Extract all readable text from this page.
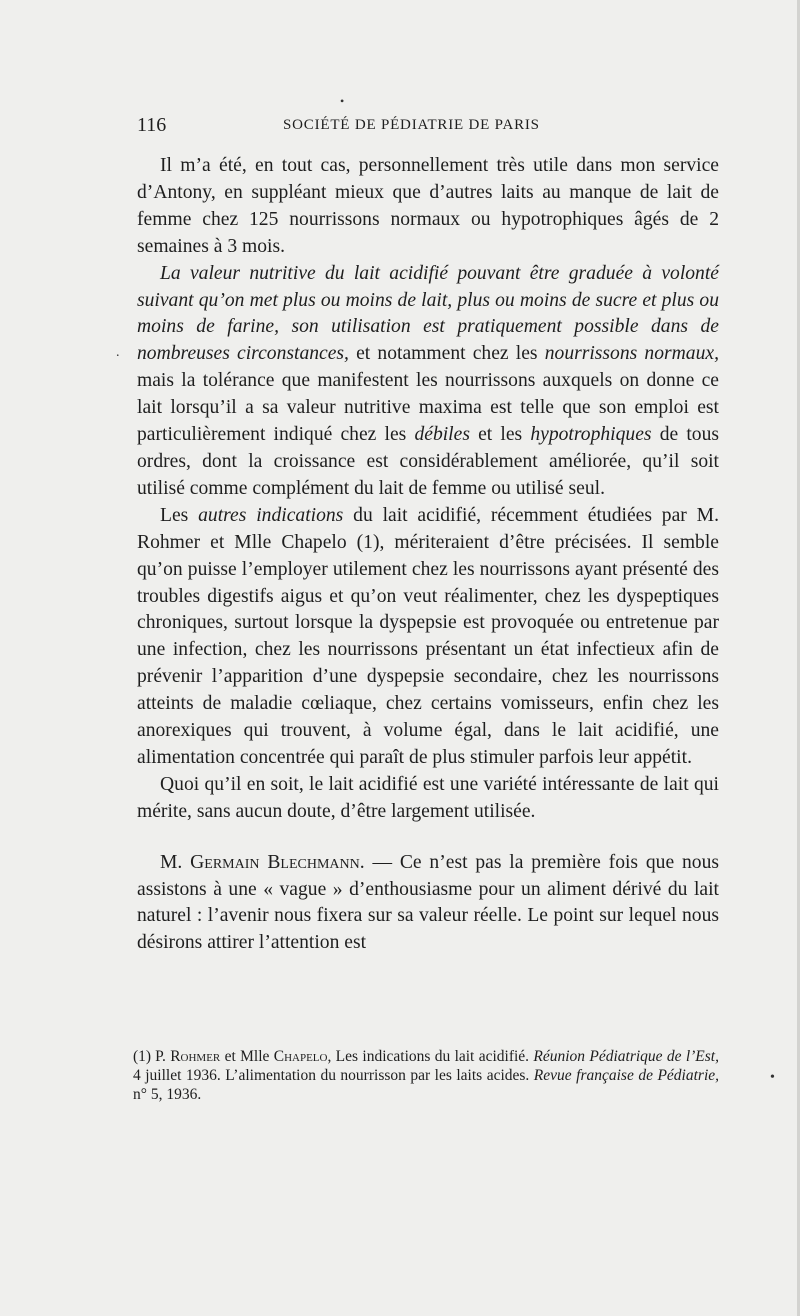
•
.
•
116	SOCIÉTÉ DE PÉDIATRIE DE PARIS

Il m’a été, en tout cas, personnellement très utile dans mon service d’Antony, en suppléant mieux que d’autres laits au manque de lait de femme chez 125 nourrissons normaux ou hypotrophiques âgés de 2 semaines à 3 mois.

La valeur nutritive du lait acidifié pouvant être graduée à volonté suivant qu’on met plus ou moins de lait, plus ou moins de sucre et plus ou moins de farine, son utilisation est pratiquement possible dans de nombreuses circonstances, et notamment chez les nourrissons normaux, mais la tolérance que manifestent les nourrissons auxquels on donne ce lait lorsqu’il a sa valeur nutritive maxima est telle que son emploi est particulièrement indiqué chez les débiles et les hypotrophiques de tous ordres, dont la croissance est considérablement améliorée, qu’il soit utilisé comme complément du lait de femme ou utilisé seul.

Les autres indications du lait acidifié, récemment étudiées par M. Rohmer et Mlle Chapelo (1), mériteraient d’être précisées. Il semble qu’on puisse l’employer utilement chez les nourrissons ayant présenté des troubles digestifs aigus et qu’on veut réalimenter, chez les dyspeptiques chroniques, surtout lorsque la dyspepsie est provoquée ou entretenue par une infection, chez les nourrissons présentant un état infectieux afin de prévenir l’apparition d’une dyspepsie secondaire, chez les nourrissons atteints de maladie cœliaque, chez certains vomisseurs, enfin chez les anorexiques qui trouvent, à volume égal, dans le lait acidifié, une alimentation concentrée qui paraît de plus stimuler parfois leur appétit.

Quoi qu’il en soit, le lait acidifié est une variété intéressante de lait qui mérite, sans aucun doute, d’être largement utilisée.

M. Germain Blechmann. — Ce n’est pas la première fois que nous assistons à une « vague » d’enthousiasme pour un aliment dérivé du lait naturel : l’avenir nous fixera sur sa valeur réelle. Le point sur lequel nous désirons attirer l’attention est

(1) P. Rohmer et Mlle Chapelo, Les indications du lait acidifié. Réunion Pédiatrique de l’Est, 4 juillet 1936. L’alimentation du nourrisson par les laits acides. Revue française de Pédiatrie, n° 5, 1936.
